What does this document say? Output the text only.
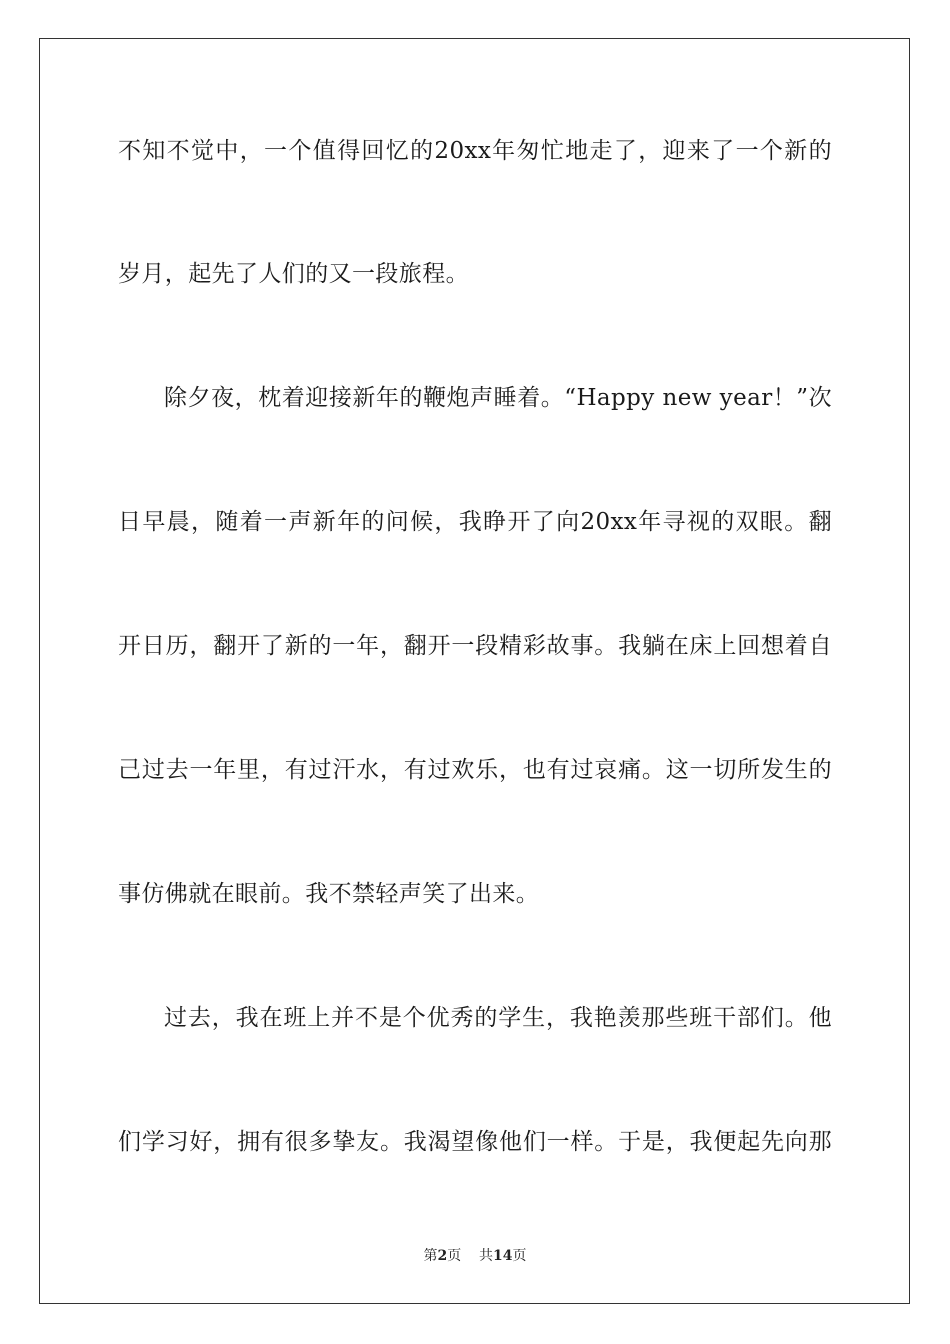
不知不觉中，一个值得回忆的20xx年匆忙地走了，迎来了一个新的
岁月，起先了人们的又一段旅程。
除夕夜，枕着迎接新年的鞭炮声睡着。“Happy new year！”次
日早晨，随着一声新年的问候，我睁开了向20xx年寻视的双眼。翻
开日历，翻开了新的一年，翻开一段精彩故事。我躺在床上回想着自
己过去一年里，有过汗水，有过欢乐，也有过哀痛。这一切所发生的
事仿佛就在眼前。我不禁轻声笑了出来。
过去，我在班上并不是个优秀的学生，我艳羡那些班干部们。他
们学习好，拥有很多挚友。我渴望像他们一样。于是，我便起先向那
第2页 共14页
